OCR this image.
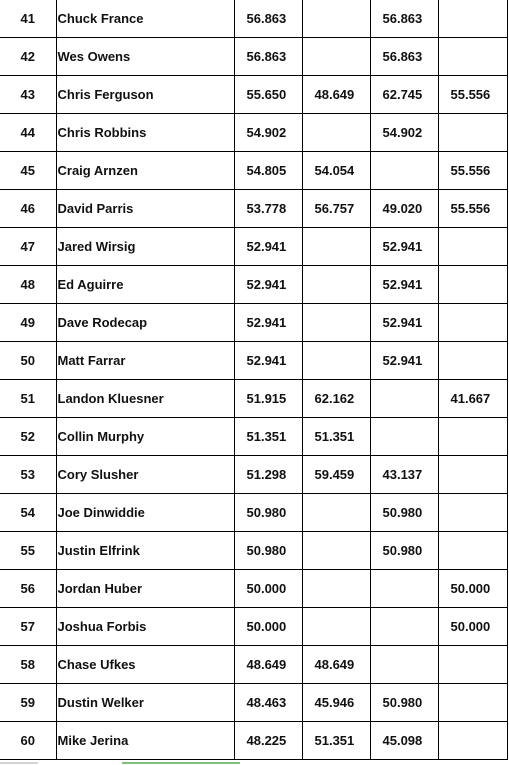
41	Chuck France	56.863		56.863	
42	Wes Owens	56.863		56.863	
43	Chris Ferguson	55.650	48.649	62.745	55.556
44	Chris Robbins	54.902		54.902	
45	Craig Arnzen	54.805	54.054		55.556
46	David Parris	53.778	56.757	49.020	55.556
47	Jared Wirsig	52.941		52.941	
48	Ed Aguirre	52.941		52.941	
49	Dave Rodecap	52.941		52.941	
50	Matt Farrar	52.941		52.941	
51	Landon Kluesner	51.915	62.162		41.667
52	Collin Murphy	51.351	51.351		
53	Cory Slusher	51.298	59.459	43.137	
54	Joe Dinwiddie	50.980		50.980	
55	Justin Elfrink	50.980		50.980	
56	Jordan Huber	50.000			50.000
57	Joshua Forbis	50.000			50.000
58	Chase Ufkes	48.649	48.649		
59	Dustin Welker	48.463	45.946	50.980	
60	Mike Jerina	48.225	51.351	45.098	
